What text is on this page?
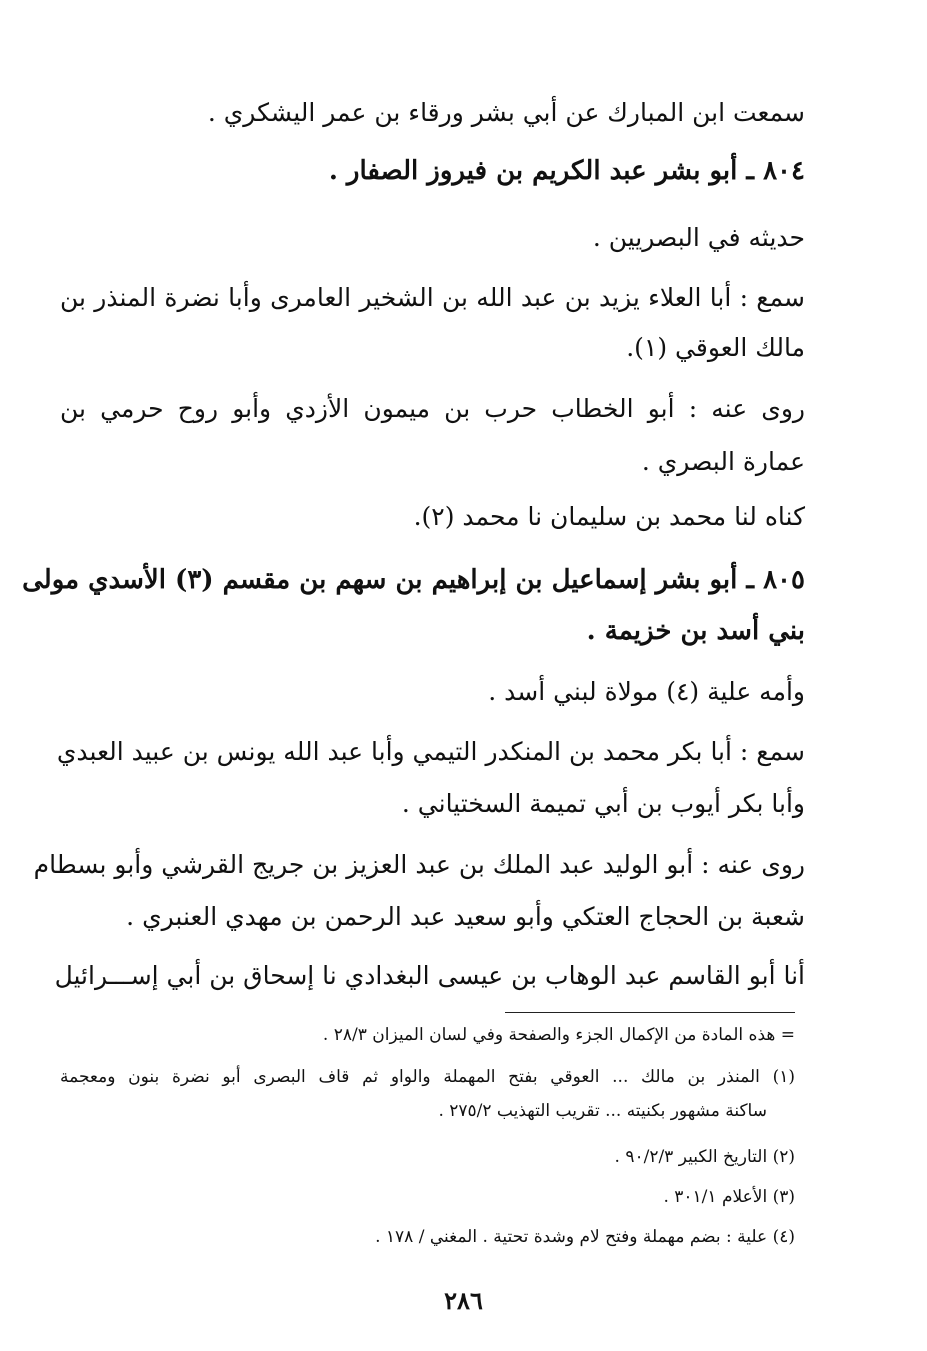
سمعت ابن المبارك عن أبي بشر ورقاء بن عمر اليشكري .
٨٠٤ ـ أبو بشر عبد الكريم بن فيروز الصفار .
حديثه في البصريين .
سمع : أبا العلاء يزيد بن عبد الله بن الشخير العامرى وأبا نضرة المنذر بن
مالك العوقي (١).
روى عنه : أبو الخطاب حرب بن ميمون الأزدي وأبو روح حرمي بن
عمارة البصري .
كناه لنا محمد بن سليمان نا محمد (٢).
٨٠٥ ـ أبو بشر إسماعيل بن إبراهيم بن سهم بن مقسم (٣) الأسدي مولى
بني أسد بن خزيمة .
وأمه علية (٤) مولاة لبني أسد .
سمع : أبا بكر محمد بن المنكدر التيمي وأبا عبد الله يونس بن عبيد العبدي
وأبا بكر أيوب بن أبي تميمة السختياني .
روى عنه : أبو الوليد عبد الملك بن عبد العزيز بن جريج القرشي وأبو بسطام
شعبة بن الحجاج العتكي وأبو سعيد عبد الرحمن بن مهدي العنبري .
أنا أبو القاسم عبد الوهاب بن عيسى البغدادي نا إسحاق بن أبي إســـرائيل
= هذه المادة من الإكمال الجزء والصفحة وفي لسان الميزان ٢٨/٣ .
(١) المنذر بن مالك ... العوقي بفتح المهملة والواو ثم قاف البصرى أبو نضرة بنون ومعجمة
ساكنة مشهور بكنيته ... تقريب التهذيب ٢٧٥/٢ .
(٢) التاريخ الكبير ٩٠/٢/٣ .
(٣) الأعلام ٣٠١/١ .
(٤) علية : بضم مهملة وفتح لام وشدة تحتية . المغني / ١٧٨ .
٢٨٦
